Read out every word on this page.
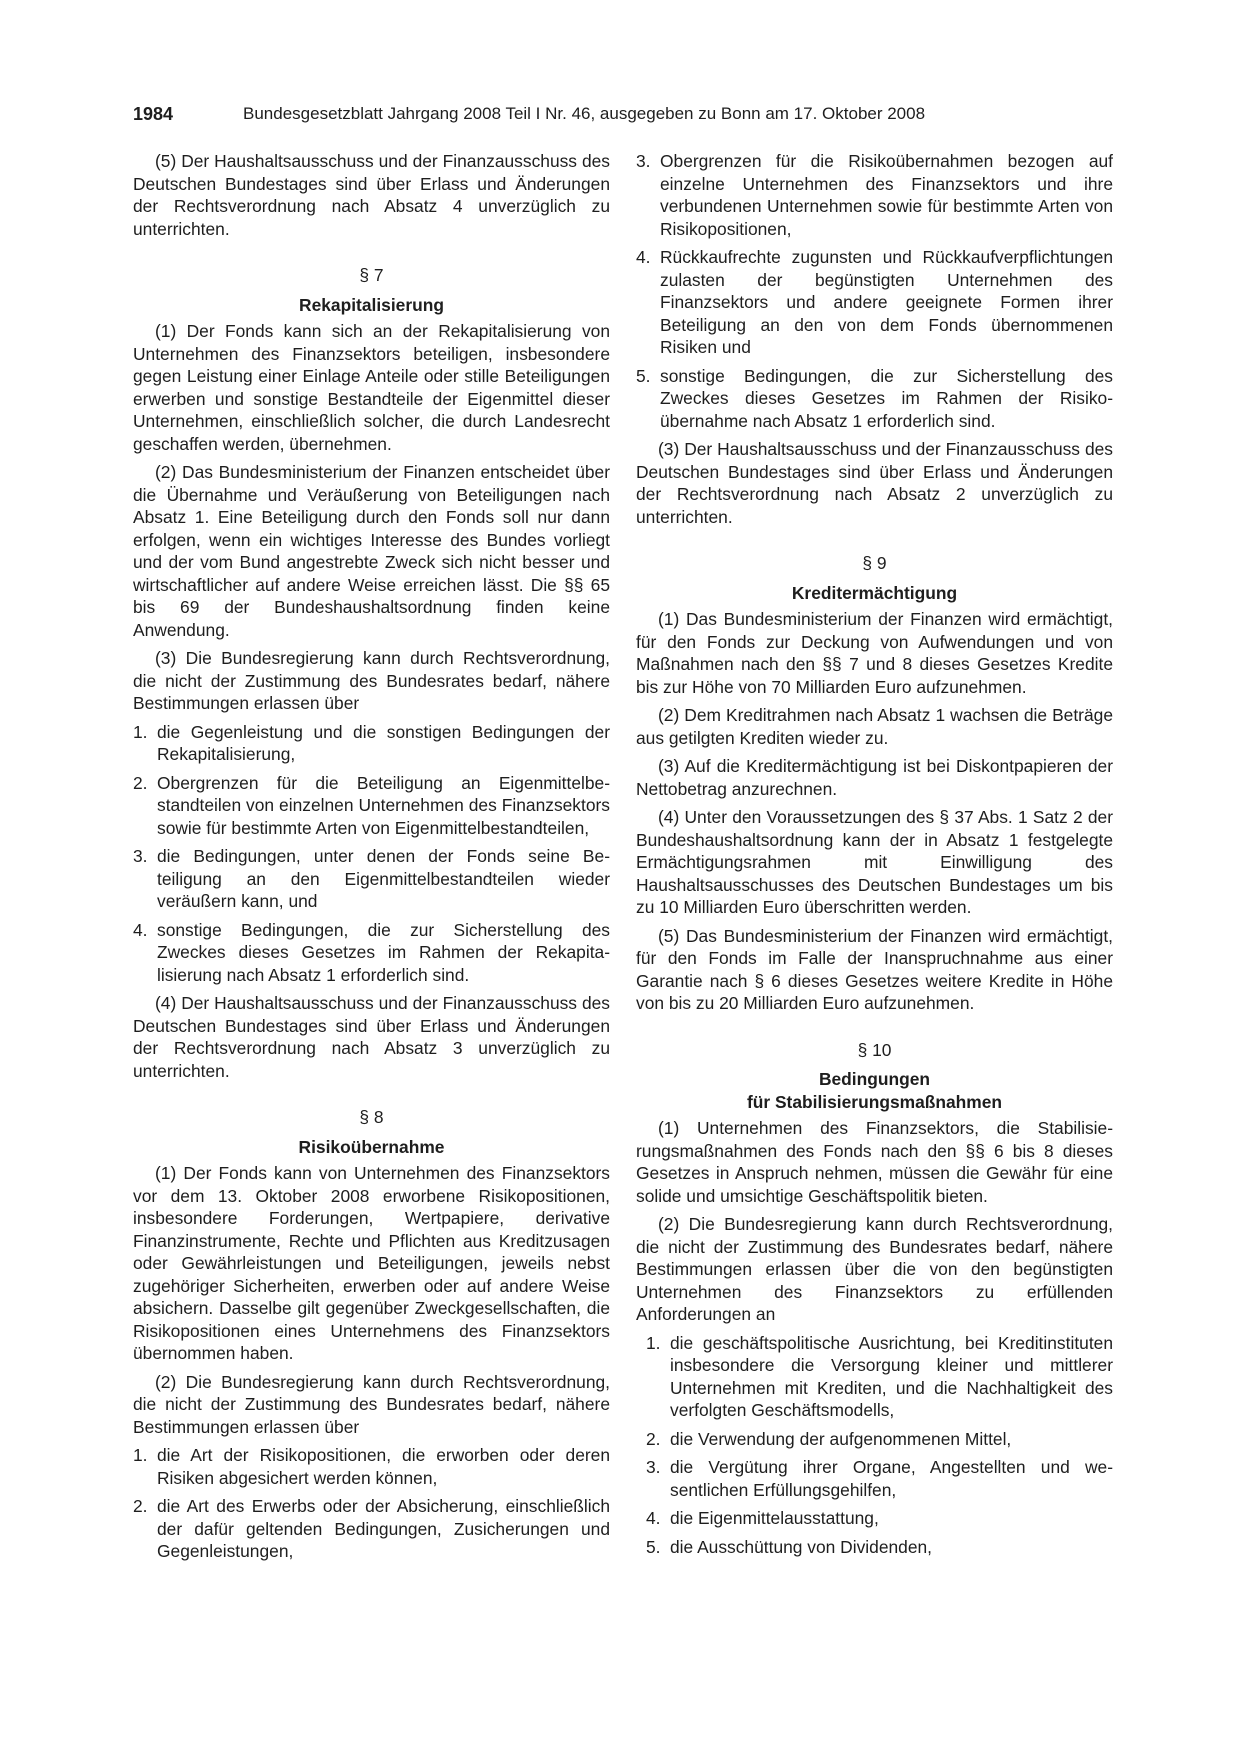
1984	Bundesgesetzblatt Jahrgang 2008 Teil I Nr. 46, ausgegeben zu Bonn am 17. Oktober 2008

(5) Der Haushaltsausschuss und der Finanzausschuss des Deutschen Bundestages sind über Erlass und Änderungen der Rechtsverordnung nach Absatz 4 unverzüglich zu unterrichten.

§ 7
Rekapitalisierung

(1) Der Fonds kann sich an der Rekapitalisierung von Unternehmen des Finanzsektors beteiligen, insbesondere gegen Leistung einer Einlage Anteile oder stille Beteiligungen erwerben und sonstige Bestandteile der Eigenmittel dieser Unternehmen, einschließlich solcher, die durch Landesrecht geschaffen werden, übernehmen.

(2) Das Bundesministerium der Finanzen entscheidet über die Übernahme und Veräußerung von Beteiligungen nach Absatz 1. Eine Beteiligung durch den Fonds soll nur dann erfolgen, wenn ein wichtiges Interesse des Bundes vorliegt und der vom Bund angestrebte Zweck sich nicht besser und wirtschaftlicher auf andere Weise erreichen lässt. Die §§ 65 bis 69 der Bundeshaushaltsordnung finden keine Anwendung.

(3) Die Bundesregierung kann durch Rechtsverordnung, die nicht der Zustimmung des Bundesrates bedarf, nähere Bestimmungen erlassen über

1. die Gegenleistung und die sonstigen Bedingungen der Rekapitalisierung,
2. Obergrenzen für die Beteiligung an Eigenmittelbestandteilen von einzelnen Unternehmen des Finanzsektors sowie für bestimmte Arten von Eigenmittelbestandteilen,
3. die Bedingungen, unter denen der Fonds seine Beteiligung an den Eigenmittelbestandteilen wieder veräußern kann, und
4. sonstige Bedingungen, die zur Sicherstellung des Zweckes dieses Gesetzes im Rahmen der Rekapitalisierung nach Absatz 1 erforderlich sind.

(4) Der Haushaltsausschuss und der Finanzausschuss des Deutschen Bundestages sind über Erlass und Änderungen der Rechtsverordnung nach Absatz 3 unverzüglich zu unterrichten.

§ 8
Risikoübernahme

(1) Der Fonds kann von Unternehmen des Finanzsektors vor dem 13. Oktober 2008 erworbene Risikopositionen, insbesondere Forderungen, Wertpapiere, derivative Finanzinstrumente, Rechte und Pflichten aus Kreditzusagen oder Gewährleistungen und Beteiligungen, jeweils nebst zugehöriger Sicherheiten, erwerben oder auf andere Weise absichern. Dasselbe gilt gegenüber Zweckgesellschaften, die Risikopositionen eines Unternehmens des Finanzsektors übernommen haben.

(2) Die Bundesregierung kann durch Rechtsverordnung, die nicht der Zustimmung des Bundesrates bedarf, nähere Bestimmungen erlassen über

1. die Art der Risikopositionen, die erworben oder deren Risiken abgesichert werden können,
2. die Art des Erwerbs oder der Absicherung, einschließlich der dafür geltenden Bedingungen, Zusicherungen und Gegenleistungen,
3. Obergrenzen für die Risikoübernahmen bezogen auf einzelne Unternehmen des Finanzsektors und ihre verbundenen Unternehmen sowie für bestimmte Arten von Risikopositionen,
4. Rückkaufrechte zugunsten und Rückkaufverpflichtungen zulasten der begünstigten Unternehmen des Finanzsektors und andere geeignete Formen ihrer Beteiligung an den von dem Fonds übernommenen Risiken und
5. sonstige Bedingungen, die zur Sicherstellung des Zweckes dieses Gesetzes im Rahmen der Risikoübernahme nach Absatz 1 erforderlich sind.

(3) Der Haushaltsausschuss und der Finanzausschuss des Deutschen Bundestages sind über Erlass und Änderungen der Rechtsverordnung nach Absatz 2 unverzüglich zu unterrichten.

§ 9
Kreditermächtigung

(1) Das Bundesministerium der Finanzen wird ermächtigt, für den Fonds zur Deckung von Aufwendungen und von Maßnahmen nach den §§ 7 und 8 dieses Gesetzes Kredite bis zur Höhe von 70 Milliarden Euro aufzunehmen.

(2) Dem Kreditrahmen nach Absatz 1 wachsen die Beträge aus getilgten Krediten wieder zu.

(3) Auf die Kreditermächtigung ist bei Diskontpapieren der Nettobetrag anzurechnen.

(4) Unter den Voraussetzungen des § 37 Abs. 1 Satz 2 der Bundeshaushaltsordnung kann der in Absatz 1 festgelegte Ermächtigungsrahmen mit Einwilligung des Haushaltsausschusses des Deutschen Bundestages um bis zu 10 Milliarden Euro überschritten werden.

(5) Das Bundesministerium der Finanzen wird ermächtigt, für den Fonds im Falle der Inanspruchnahme aus einer Garantie nach § 6 dieses Gesetzes weitere Kredite in Höhe von bis zu 20 Milliarden Euro aufzunehmen.

§ 10
Bedingungen
für Stabilisierungsmaßnahmen

(1) Unternehmen des Finanzsektors, die Stabilisierungsmaßnahmen des Fonds nach den §§ 6 bis 8 dieses Gesetzes in Anspruch nehmen, müssen die Gewähr für eine solide und umsichtige Geschäftspolitik bieten.

(2) Die Bundesregierung kann durch Rechtsverordnung, die nicht der Zustimmung des Bundesrates bedarf, nähere Bestimmungen erlassen über die von den begünstigten Unternehmen des Finanzsektors zu erfüllenden Anforderungen an

1. die geschäftspolitische Ausrichtung, bei Kreditinstituten insbesondere die Versorgung kleiner und mittlerer Unternehmen mit Krediten, und die Nachhaltigkeit des verfolgten Geschäftsmodells,
2. die Verwendung der aufgenommenen Mittel,
3. die Vergütung ihrer Organe, Angestellten und wesentlichen Erfüllungsgehilfen,
4. die Eigenmittelausstattung,
5. die Ausschüttung von Dividenden,
